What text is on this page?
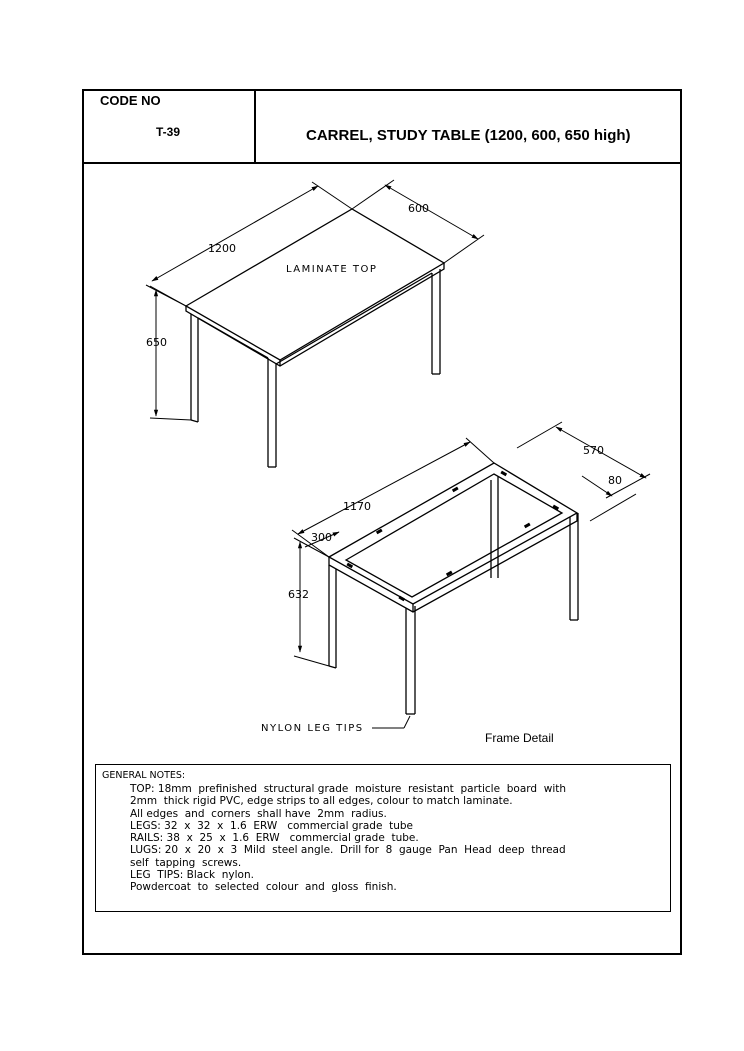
CODE NO
T-39	CARREL, STUDY TABLE (1200, 600, 650 high)
1200
600
650
LAMINATE TOP
1170
570
80
300
632
NYLON LEG TIPS
Frame Detail
GENERAL NOTES:
TOP: 18mm  prefinished  structural grade  moisture  resistant  particle  board  with
2mm  thick rigid PVC, edge strips to all edges, colour to match laminate.
All edges  and  corners  shall have  2mm  radius.
LEGS: 32  x  32  x  1.6  ERW   commercial grade  tube
RAILS: 38  x  25  x  1.6  ERW   commercial grade  tube.
LUGS: 20  x  20  x  3  Mild  steel angle.  Drill for  8  gauge  Pan  Head  deep  thread
self  tapping  screws.
LEG  TIPS: Black  nylon.
Powdercoat  to  selected  colour  and  gloss  finish.
